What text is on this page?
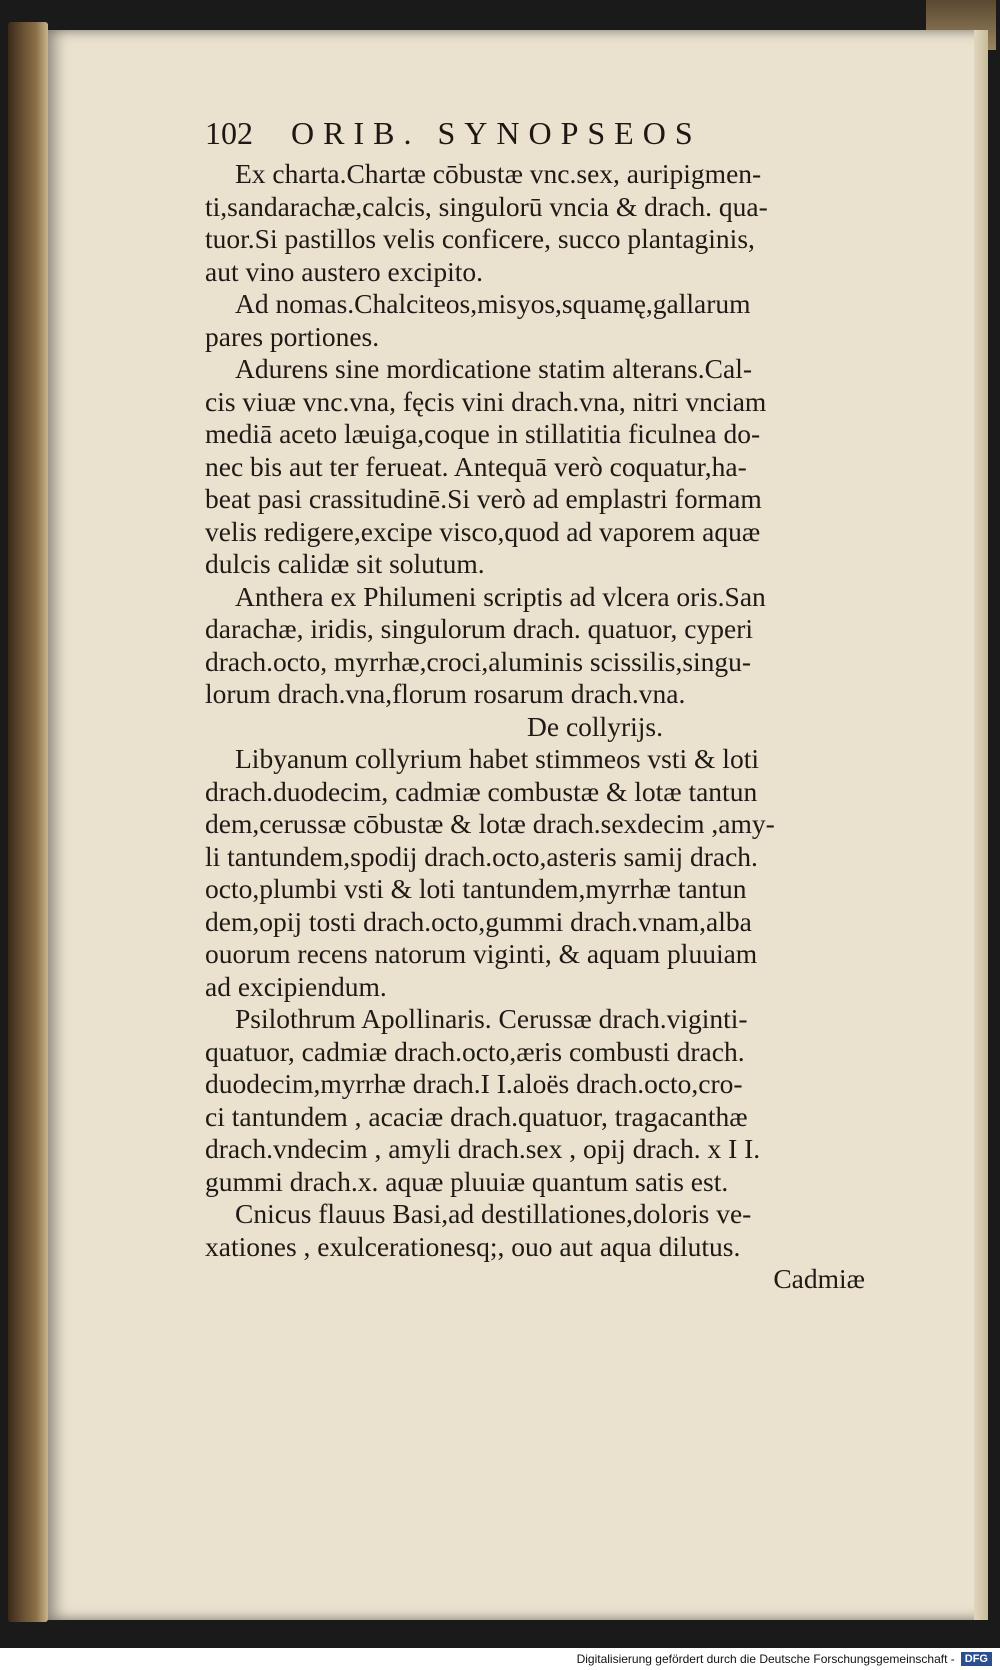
102 ORIB. SYNOPSEOS
Ex charta.Chartæ cōbustæ vnc.sex, auripigmen-
ti,sandarachæ,calcis, singulorū vncia & drach. qua-
tuor.Si pastillos velis conficere, succo plantaginis,
aut vino austero excipito.
Ad nomas.Chalciteos,misyos,squamę,gallarum
pares portiones.
Adurens sine mordicatione statim alterans.Cal-
cis viuæ vnc.vna, fęcis vini drach.vna, nitri vnciam
mediā aceto læuiga,coque in stillatitia ficulnea do-
nec bis aut ter ferueat. Antequā verò coquatur,ha-
beat pasi crassitudinē.Si verò ad emplastri formam
velis redigere,excipe visco,quod ad vaporem aquæ
dulcis calidæ sit solutum.
Anthera ex Philumeni scriptis ad vlcera oris.San
darachæ, iridis, singulorum drach. quatuor, cyperi
drach.octo, myrrhæ,croci,aluminis scissilis,singu-
lorum drach.vna,florum rosarum drach.vna.
De collyrijs.
Libyanum collyrium habet stimmeos vsti & loti
drach.duodecim, cadmiæ combustæ & lotæ tantun
dem,cerussæ cōbustæ & lotæ drach.sexdecim ,amy-
li tantundem,spodij drach.octo,asteris samij drach.
octo,plumbi vsti & loti tantundem,myrrhæ tantun
dem,opij tosti drach.octo,gummi drach.vnam,alba
ouorum recens natorum viginti, & aquam pluuiam
ad excipiendum.
Psilothrum Apollinaris. Cerussæ drach.viginti-
quatuor, cadmiæ drach.octo,æris combusti drach.
duodecim,myrrhæ drach.I I.aloës drach.octo,cro-
ci tantundem , acaciæ drach.quatuor, tragacanthæ
drach.vndecim , amyli drach.sex , opij drach. x I I.
gummi drach.x. aquæ pluuiæ quantum satis est.
Cnicus flauus Basi,ad destillationes,doloris ve-
xationes , exulcerationesq;, ouo aut aqua dilutus.
Cadmiæ
Digitalisierung gefördert durch die Deutsche Forschungsgemeinschaft - DFG
